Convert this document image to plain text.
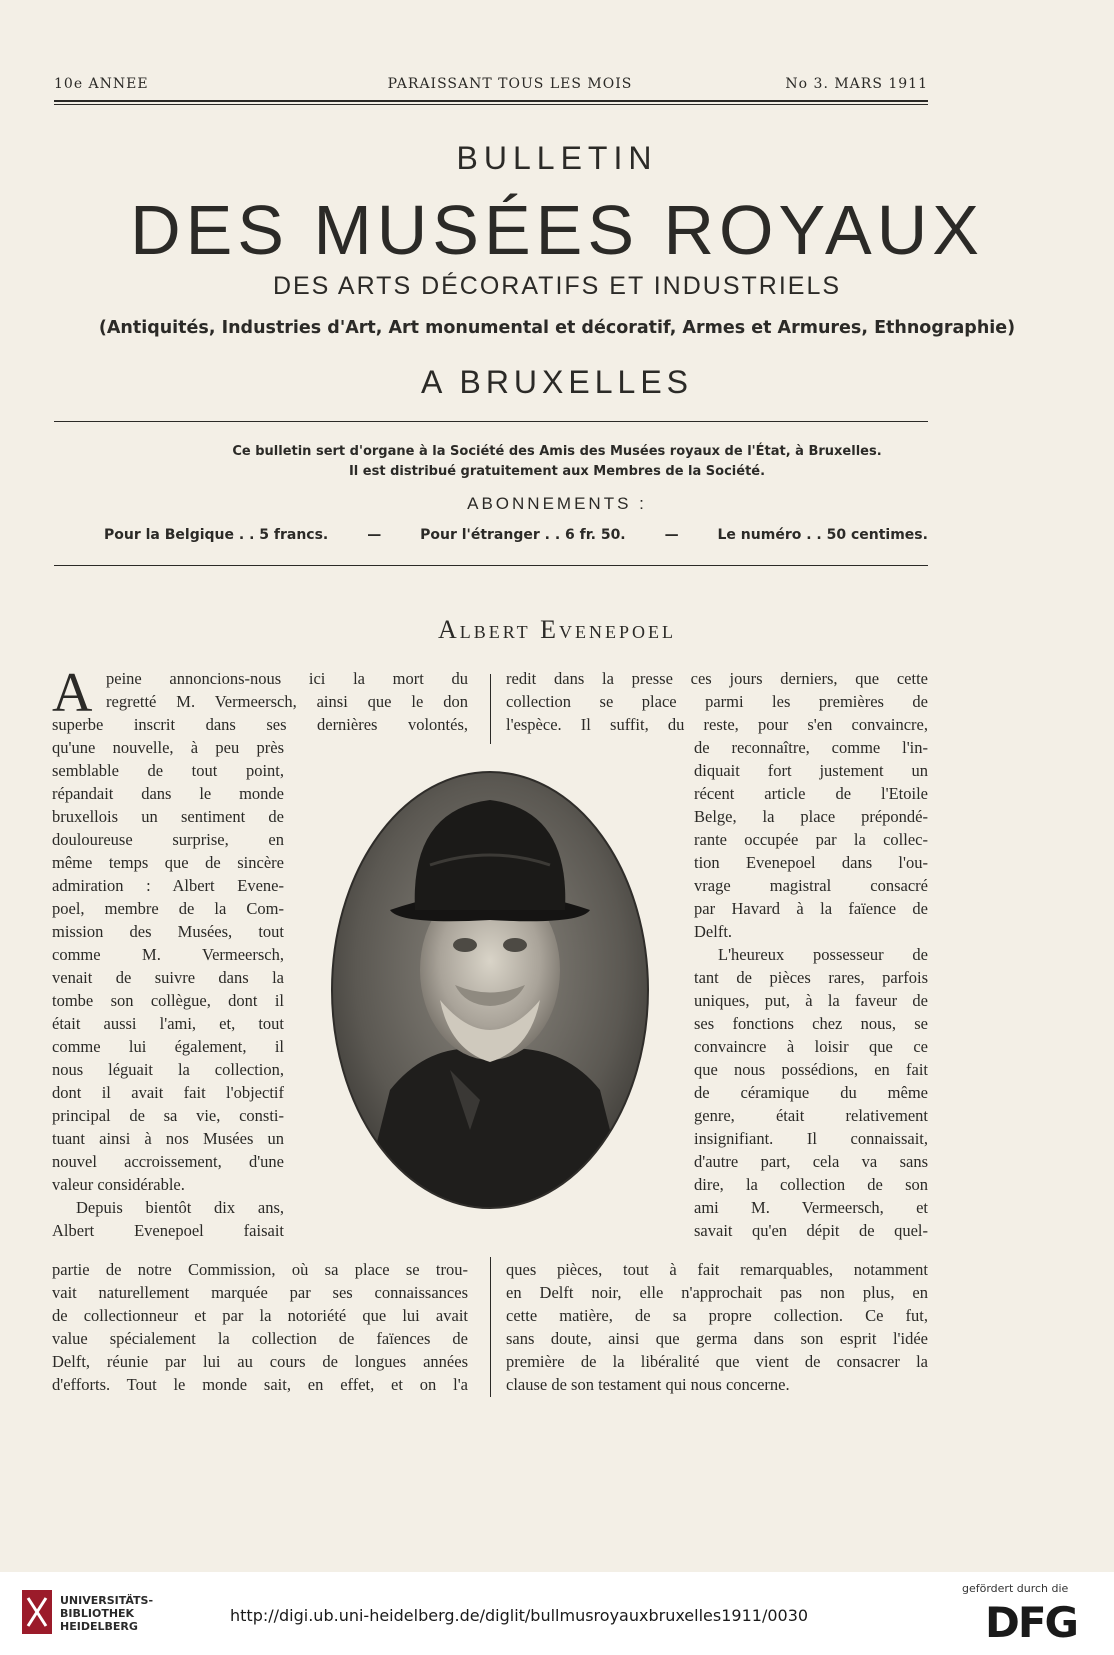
10e ANNEE	PARAISSANT TOUS LES MOIS	No 3. MARS 1911
BULLETIN
DES MUSÉES ROYAUX
DES ARTS DÉCORATIFS ET INDUSTRIELS
(Antiquités, Industries d'Art, Art monumental et décoratif, Armes et Armures, Ethnographie)
A BRUXELLES
Ce bulletin sert d'organe à la Société des Amis des Musées royaux de l'État, à Bruxelles.
Il est distribué gratuitement aux Membres de la Société.
ABONNEMENTS :
Pour la Belgique . . 5 francs.	—	Pour l'étranger . . 6 fr. 50.	—	Le numéro . . 50 centimes.
Albert Evenepoel
A peine annoncions-nous ici la mort du
regretté M. Vermeersch, ainsi que le don
superbe inscrit dans ses dernières volontés,
qu'une nouvelle, à peu près
semblable de tout point,
répandait dans le monde
bruxellois un sentiment de
douloureuse surprise, en
même temps que de sincère
admiration : Albert Evene-
poel, membre de la Com-
mission des Musées, tout
comme M. Vermeersch,
venait de suivre dans la
tombe son collègue, dont il
était aussi l'ami, et, tout
comme lui également, il
nous léguait la collection,
dont il avait fait l'objectif
principal de sa vie, consti-
tuant ainsi à nos Musées un
nouvel accroissement, d'une
valeur considérable.
Depuis bientôt dix ans,
Albert Evenepoel faisait
partie de notre Commission, où sa place se trou-
vait naturellement marquée par ses connaissances
de collectionneur et par la notoriété que lui avait
value spécialement la collection de faïences de
Delft, réunie par lui au cours de longues années
d'efforts. Tout le monde sait, en effet, et on l'a
redit dans la presse ces jours derniers, que cette
collection se place parmi les premières de
l'espèce. Il suffit, du reste, pour s'en convaincre,
de reconnaître, comme l'in-
diquait fort justement un
récent article de l'Etoile
Belge, la place prépondé-
rante occupée par la collec-
tion Evenepoel dans l'ou-
vrage magistral consacré
par Havard à la faïence de
Delft.
L'heureux possesseur de
tant de pièces rares, parfois
uniques, put, à la faveur de
ses fonctions chez nous, se
convaincre à loisir que ce
que nous possédions, en fait
de céramique du même
genre, était relativement
insignifiant. Il connaissait,
d'autre part, cela va sans
dire, la collection de son
ami M. Vermeersch, et
savait qu'en dépit de quel-
ques pièces, tout à fait remarquables, notamment
en Delft noir, elle n'approchait pas non plus, en
cette matière, de sa propre collection. Ce fut,
sans doute, ainsi que germa dans son esprit l'idée
première de la libéralité que vient de consacrer la
clause de son testament qui nous concerne.
UNIVERSITÄTS-
BIBLIOTHEK
HEIDELBERG
http://digi.ub.uni-heidelberg.de/diglit/bullmusroyauxbruxelles1911/0030
gefördert durch die
DFG
